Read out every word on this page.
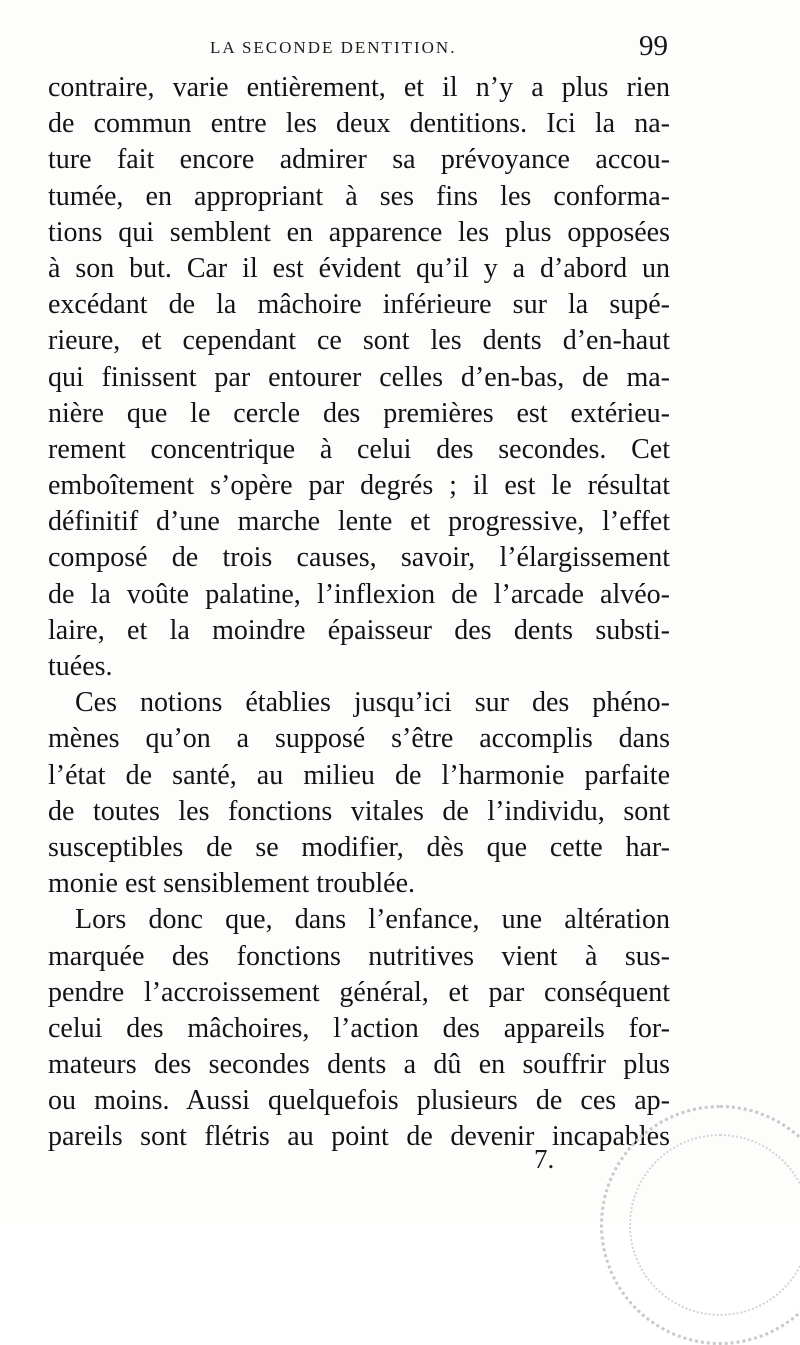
LA SECONDE DENTITION.	99
contraire, varie entièrement, et il n’y a plus rien
de commun entre les deux dentitions. Ici la na-
ture fait encore admirer sa prévoyance accou-
tumée, en appropriant à ses fins les conforma-
tions qui semblent en apparence les plus opposées
à son but. Car il est évident qu’il y a d’abord un
excédant de la mâchoire inférieure sur la supé-
rieure, et cependant ce sont les dents d’en-haut
qui finissent par entourer celles d’en-bas, de ma-
nière que le cercle des premières est extérieu-
rement concentrique à celui des secondes. Cet
emboîtement s’opère par degrés ; il est le résultat
définitif d’une marche lente et progressive, l’effet
composé de trois causes, savoir, l’élargissement
de la voûte palatine, l’inflexion de l’arcade alvéo-
laire, et la moindre épaisseur des dents substi-
tuées.
Ces notions établies jusqu’ici sur des phéno-
mènes qu’on a supposé s’être accomplis dans
l’état de santé, au milieu de l’harmonie parfaite
de toutes les fonctions vitales de l’individu, sont
susceptibles de se modifier, dès que cette har-
monie est sensiblement troublée.
Lors donc que, dans l’enfance, une altération
marquée des fonctions nutritives vient à sus-
pendre l’accroissement général, et par conséquent
celui des mâchoires, l’action des appareils for-
mateurs des secondes dents a dû en souffrir plus
ou moins. Aussi quelquefois plusieurs de ces ap-
pareils sont flétris au point de devenir incapables
7.
